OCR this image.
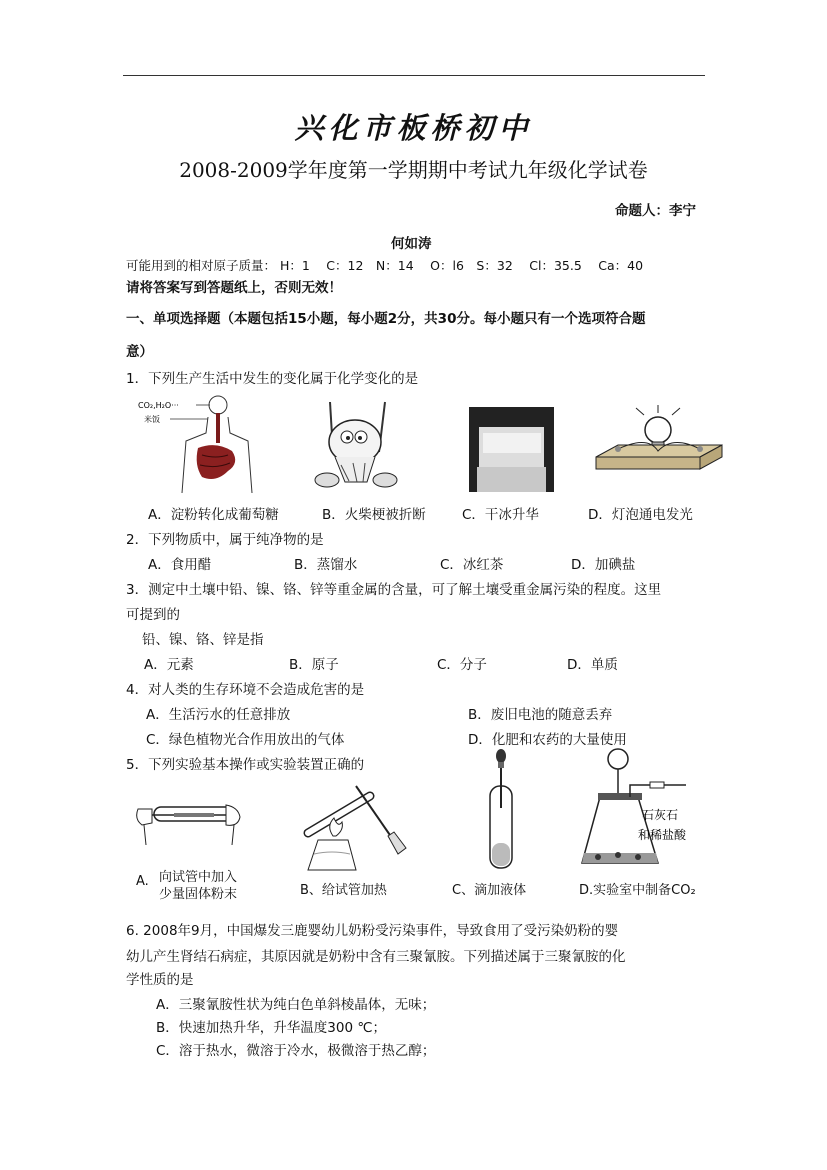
兴化市板桥初中
2008-2009学年度第一学期期中考试九年级化学试卷
命题人：李宁
何如涛
可能用到的相对原子质量： H：1　 C：12　N：14　 O：l6　S：32　 Cl：35.5　 Ca：40
请将答案写到答题纸上，否则无效！
一、单项选择题（本题包括15小题，每小题2分，共30分。每小题只有一个选项符合题
意）
1．下列生产生活中发生的变化属于化学变化的是
CO₂,H₂O···
米饭
A．淀粉转化成葡萄糖	B．火柴梗被折断	C．干冰升华	D．灯泡通电发光
2．下列物质中，属于纯净物的是
A．食用醋	B．蒸馏水	C．冰红茶	D．加碘盐
3．测定中土壤中铅、镍、铬、锌等重金属的含量，可了解土壤受重金属污染的程度。这里
可提到的
铅、镍、铬、锌是指
A．元素	B．原子	C．分子	D．单质
4．对人类的生存环境不会造成危害的是
A．生活污水的任意排放	B．废旧电池的随意丢弃
C．绿色植物光合作用放出的气体	D．化肥和农药的大量使用
5．下列实验基本操作或实验装置正确的
A. 向试管中加入
少量固体粉末	B、给试管加热	C、滴加液体
石灰石
和稀盐酸
D.实验室中制备CO₂
6. 2008年9月，中国爆发三鹿婴幼儿奶粉受污染事件，导致食用了受污染奶粉的婴
幼儿产生肾结石病症，其原因就是奶粉中含有三聚氰胺。下列描述属于三聚氰胺的化
学性质的是
A．三聚氰胺性状为纯白色单斜棱晶体，无味；
B．快速加热升华，升华温度300 ℃；
C．溶于热水，微溶于冷水，极微溶于热乙醇；
